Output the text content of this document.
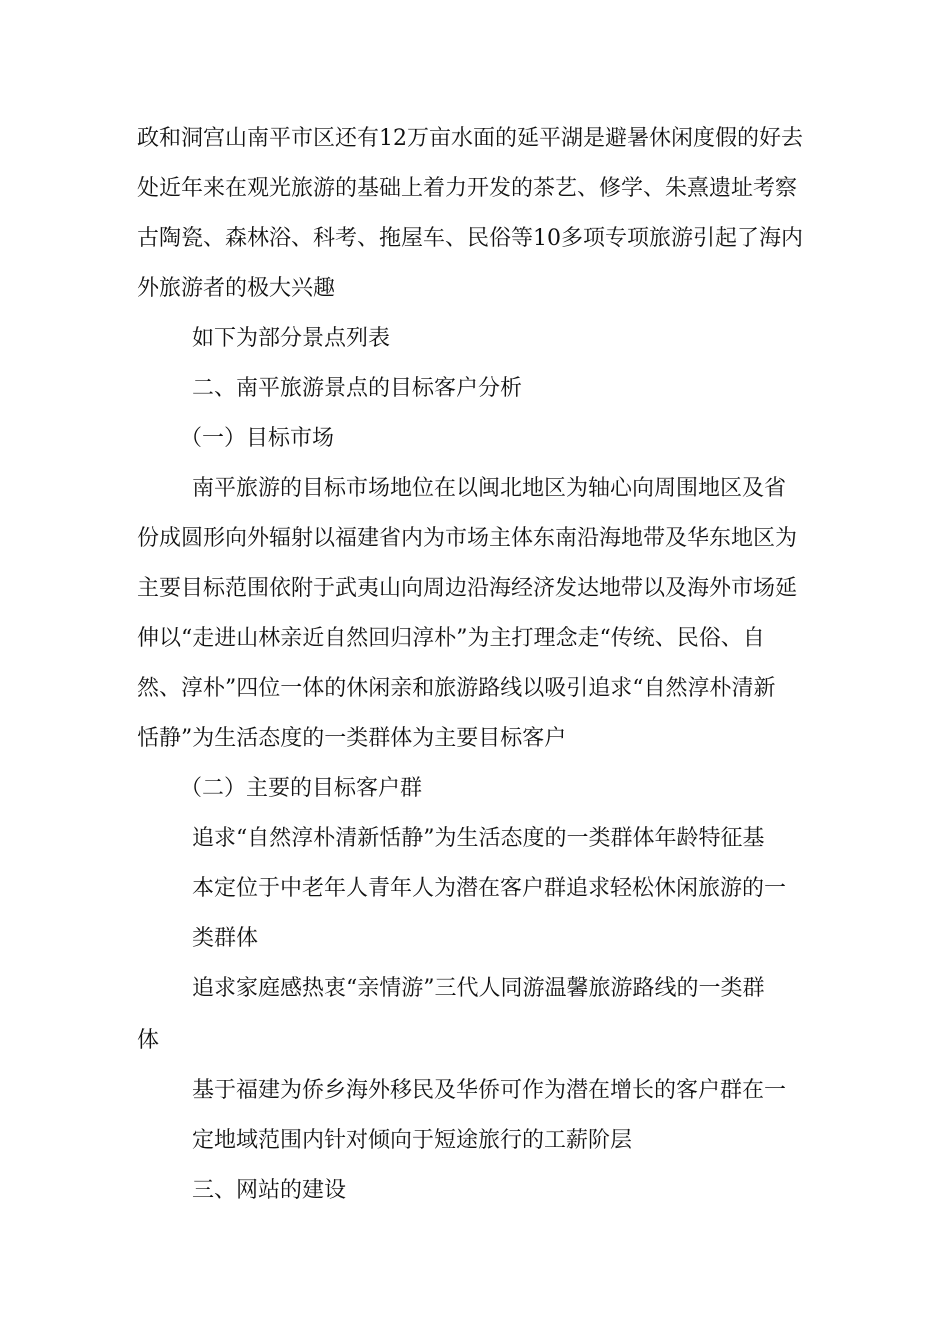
政和洞宫山南平市区还有12万亩水面的延平湖是避暑休闲度假的好去
处近年来在观光旅游的基础上着力开发的茶艺、修学、朱熹遗址考察
古陶瓷、森林浴、科考、拖屋车、民俗等10多项专项旅游引起了海内
外旅游者的极大兴趣
如下为部分景点列表
二、南平旅游景点的目标客户分析
（一）目标市场
南平旅游的目标市场地位在以闽北地区为轴心向周围地区及省
份成圆形向外辐射以福建省内为市场主体东南沿海地带及华东地区为
主要目标范围依附于武夷山向周边沿海经济发达地带以及海外市场延
伸以“走进山林亲近自然回归淳朴”为主打理念走“传统、民俗、自
然、淳朴”四位一体的休闲亲和旅游路线以吸引追求“自然淳朴清新
恬静”为生活态度的一类群体为主要目标客户
（二）主要的目标客户群
追求“自然淳朴清新恬静”为生活态度的一类群体年龄特征基
本定位于中老年人青年人为潜在客户群追求轻松休闲旅游的一
类群体
追求家庭感热衷“亲情游”三代人同游温馨旅游路线的一类群
体
基于福建为侨乡海外移民及华侨可作为潜在增长的客户群在一
定地域范围内针对倾向于短途旅行的工薪阶层
三、网站的建设
